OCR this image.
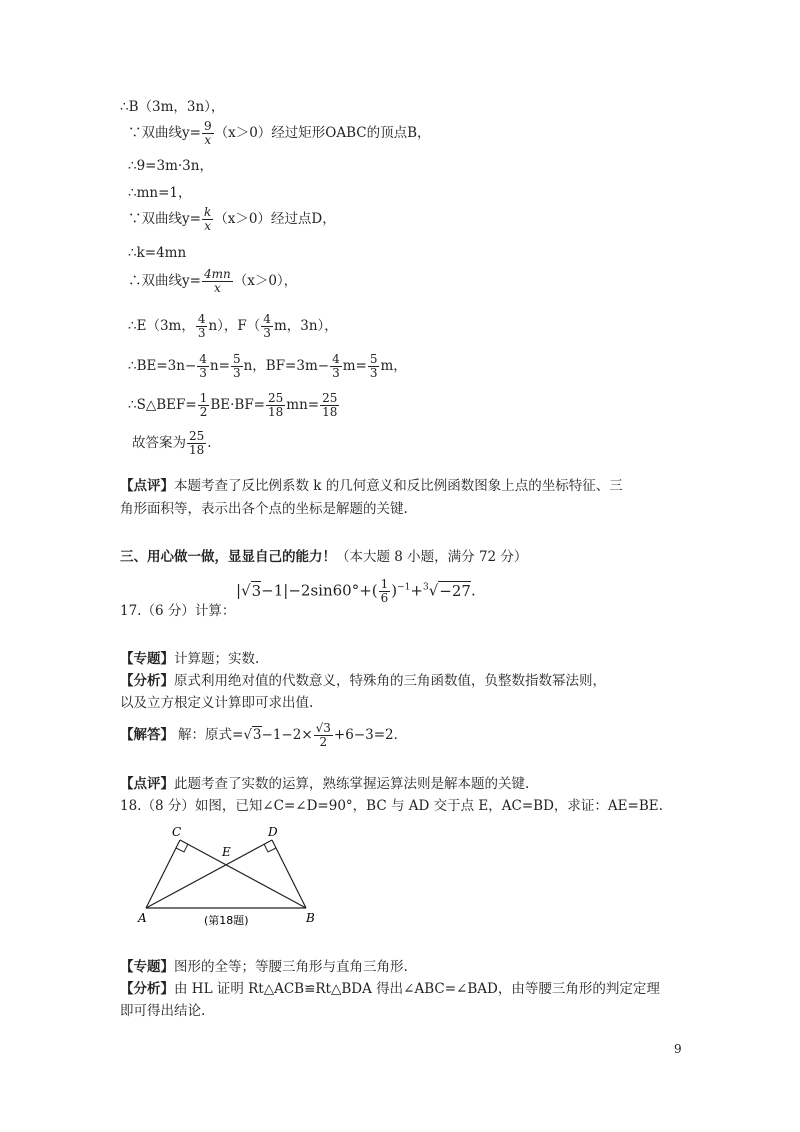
∴B（3m，3n），
∵双曲线$y= \frac{9}{x} (x>0)$经过矩形OABC的顶点B，
∴9=3m·3n，
∴mn=1，
∵双曲线$y= \frac{k}{x} (x>0)$经过点D，
∴k=4mn
∴双曲线$y= \frac{4mn}{x} (x>0)$，
∴E（3m， $\frac{4}{3} n$），$F( \frac{4}{3}$ m，3n），
∴BE=3n− $\frac{4}{3} n= \frac{5}{3}$ n，$BF=3m- \frac{4}{3} m= \frac{5}{3}$ m，
∴S△BEF= $\frac{1}{2} BE\cdot BF= \frac{25}{18} mn= \frac{25}{18}$
故答案为 $\frac{25}{18}$ .
【点评】本题考查了反比例系数 k 的几何意义和反比例函数图象上点的坐标特征、三
角形面积等，表示出各个点的坐标是解题的关键.
三、用心做一做，显显自己的能力！（本大题 8 小题，满分 72 分）
$|√3-1|-2\sin 60^\circ+( \frac{1}{6} )^{-1}+^3√-27$.
17.（6 分）计算：
【专题】计算题；实数.
【分析】原式利用绝对值的代数意义，特殊角的三角函数值，负整数指数幂法则，
以及立方根定义计算即可求出值.
【解答】 解：原式$=√3-1-2\times \frac{√3}{2} +6-3=2$．
【点评】此题考查了实数的运算，熟练掌握运算法则是解本题的关键.
18.（8 分）如图，已知∠C=∠D=90°，BC 与 AD 交于点 E，AC=BD，求证：AE=BE.
C	D
E
A	B
(第18题)
【专题】图形的全等；等腰三角形与直角三角形.
【分析】由 HL 证明 Rt△ACB≌Rt△BDA 得出∠ABC=∠BAD，由等腰三角形的判定定理
即可得出结论.
9
